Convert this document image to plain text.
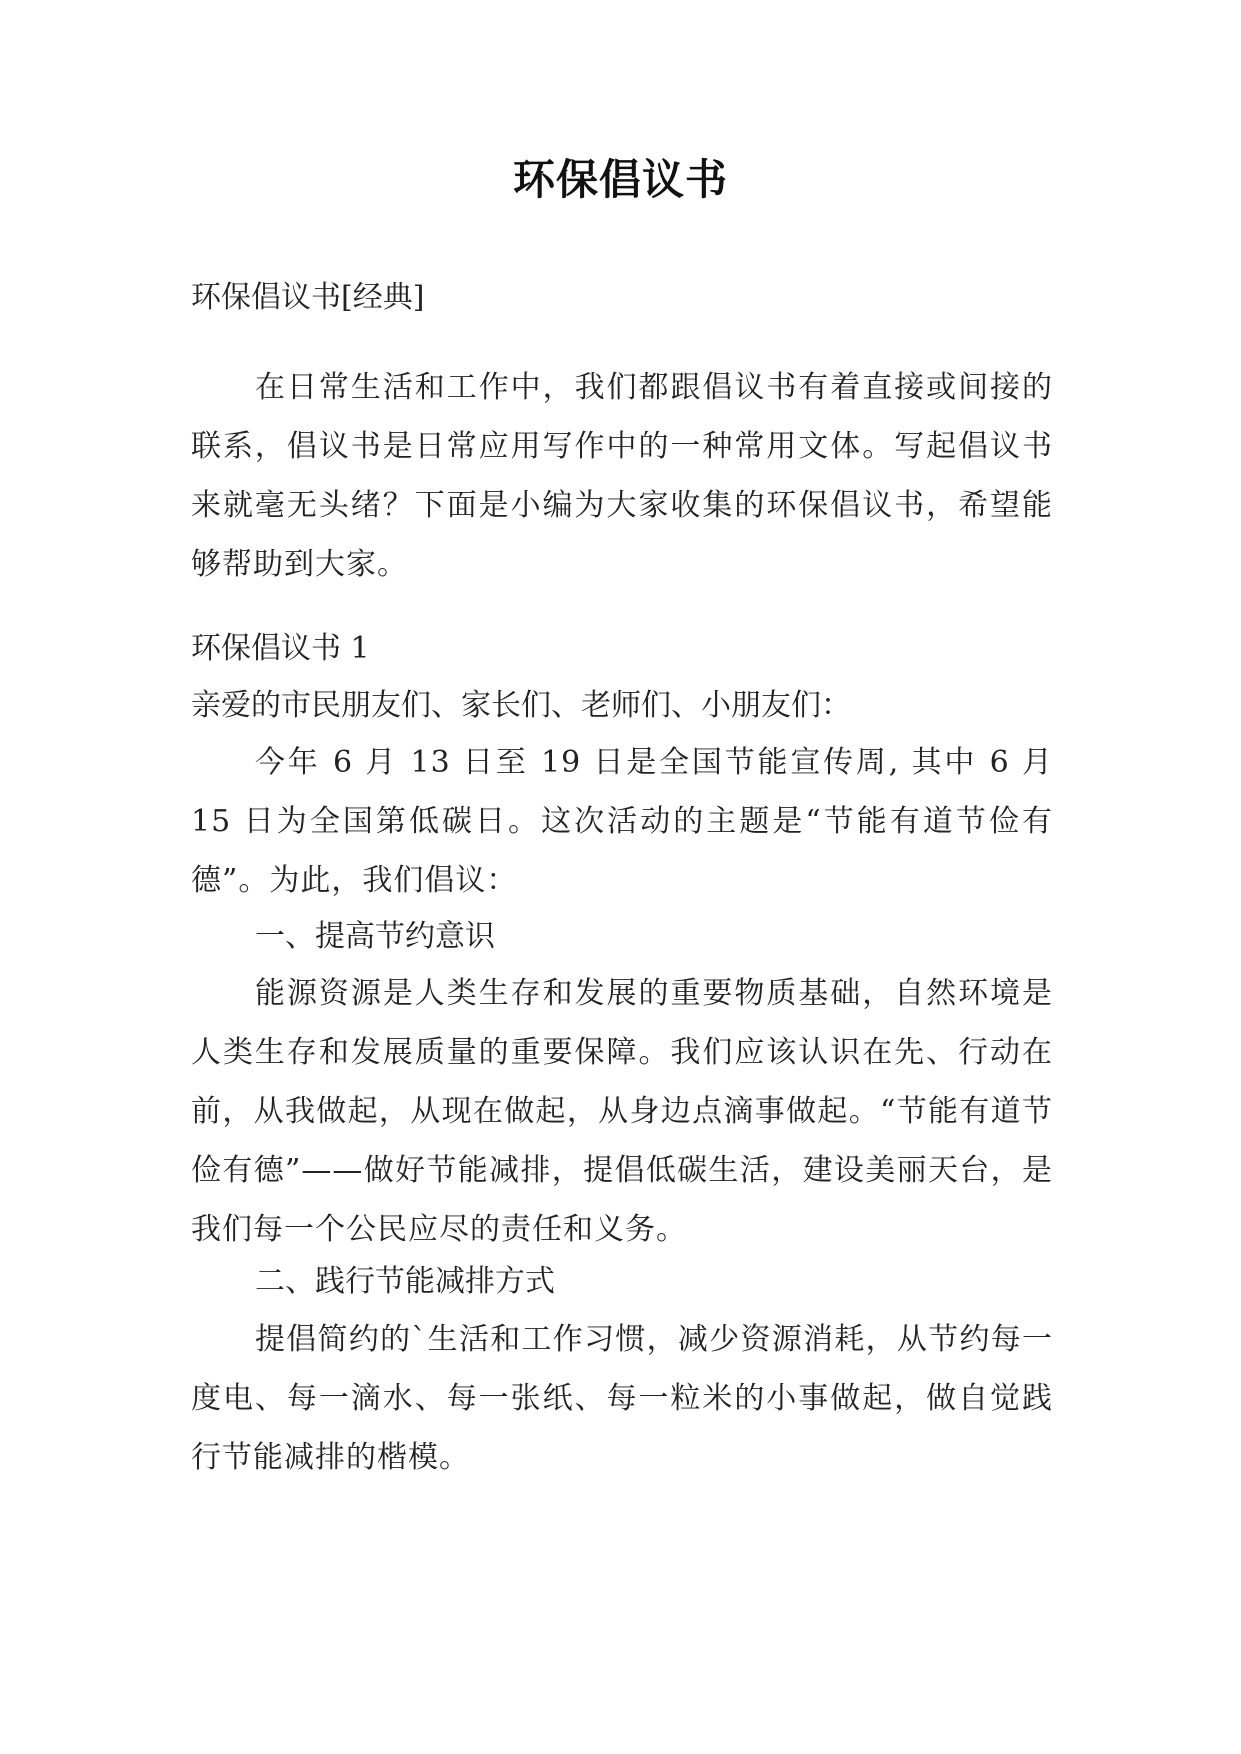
环保倡议书
环保倡议书[经典]

在日常生活和工作中，我们都跟倡议书有着直接或间接的联系，倡议书是日常应用写作中的一种常用文体。写起倡议书来就毫无头绪？下面是小编为大家收集的环保倡议书，希望能够帮助到大家。

环保倡议书 1
亲爱的市民朋友们、家长们、老师们、小朋友们：

今年 6 月 13 日至 19 日是全国节能宣传周, 其中 6 月 15 日为全国第低碳日。这次活动的主题是“节能有道节俭有德”。为此，我们倡议：

一、提高节约意识

能源资源是人类生存和发展的重要物质基础，自然环境是人类生存和发展质量的重要保障。我们应该认识在先、行动在前，从我做起，从现在做起，从身边点滴事做起。“节能有道节俭有德”——做好节能减排，提倡低碳生活，建设美丽天台，是我们每一个公民应尽的责任和义务。

二、践行节能减排方式

提倡简约的`生活和工作习惯，减少资源消耗，从节约每一度电、每一滴水、每一张纸、每一粒米的小事做起，做自觉践行节能减排的楷模。
